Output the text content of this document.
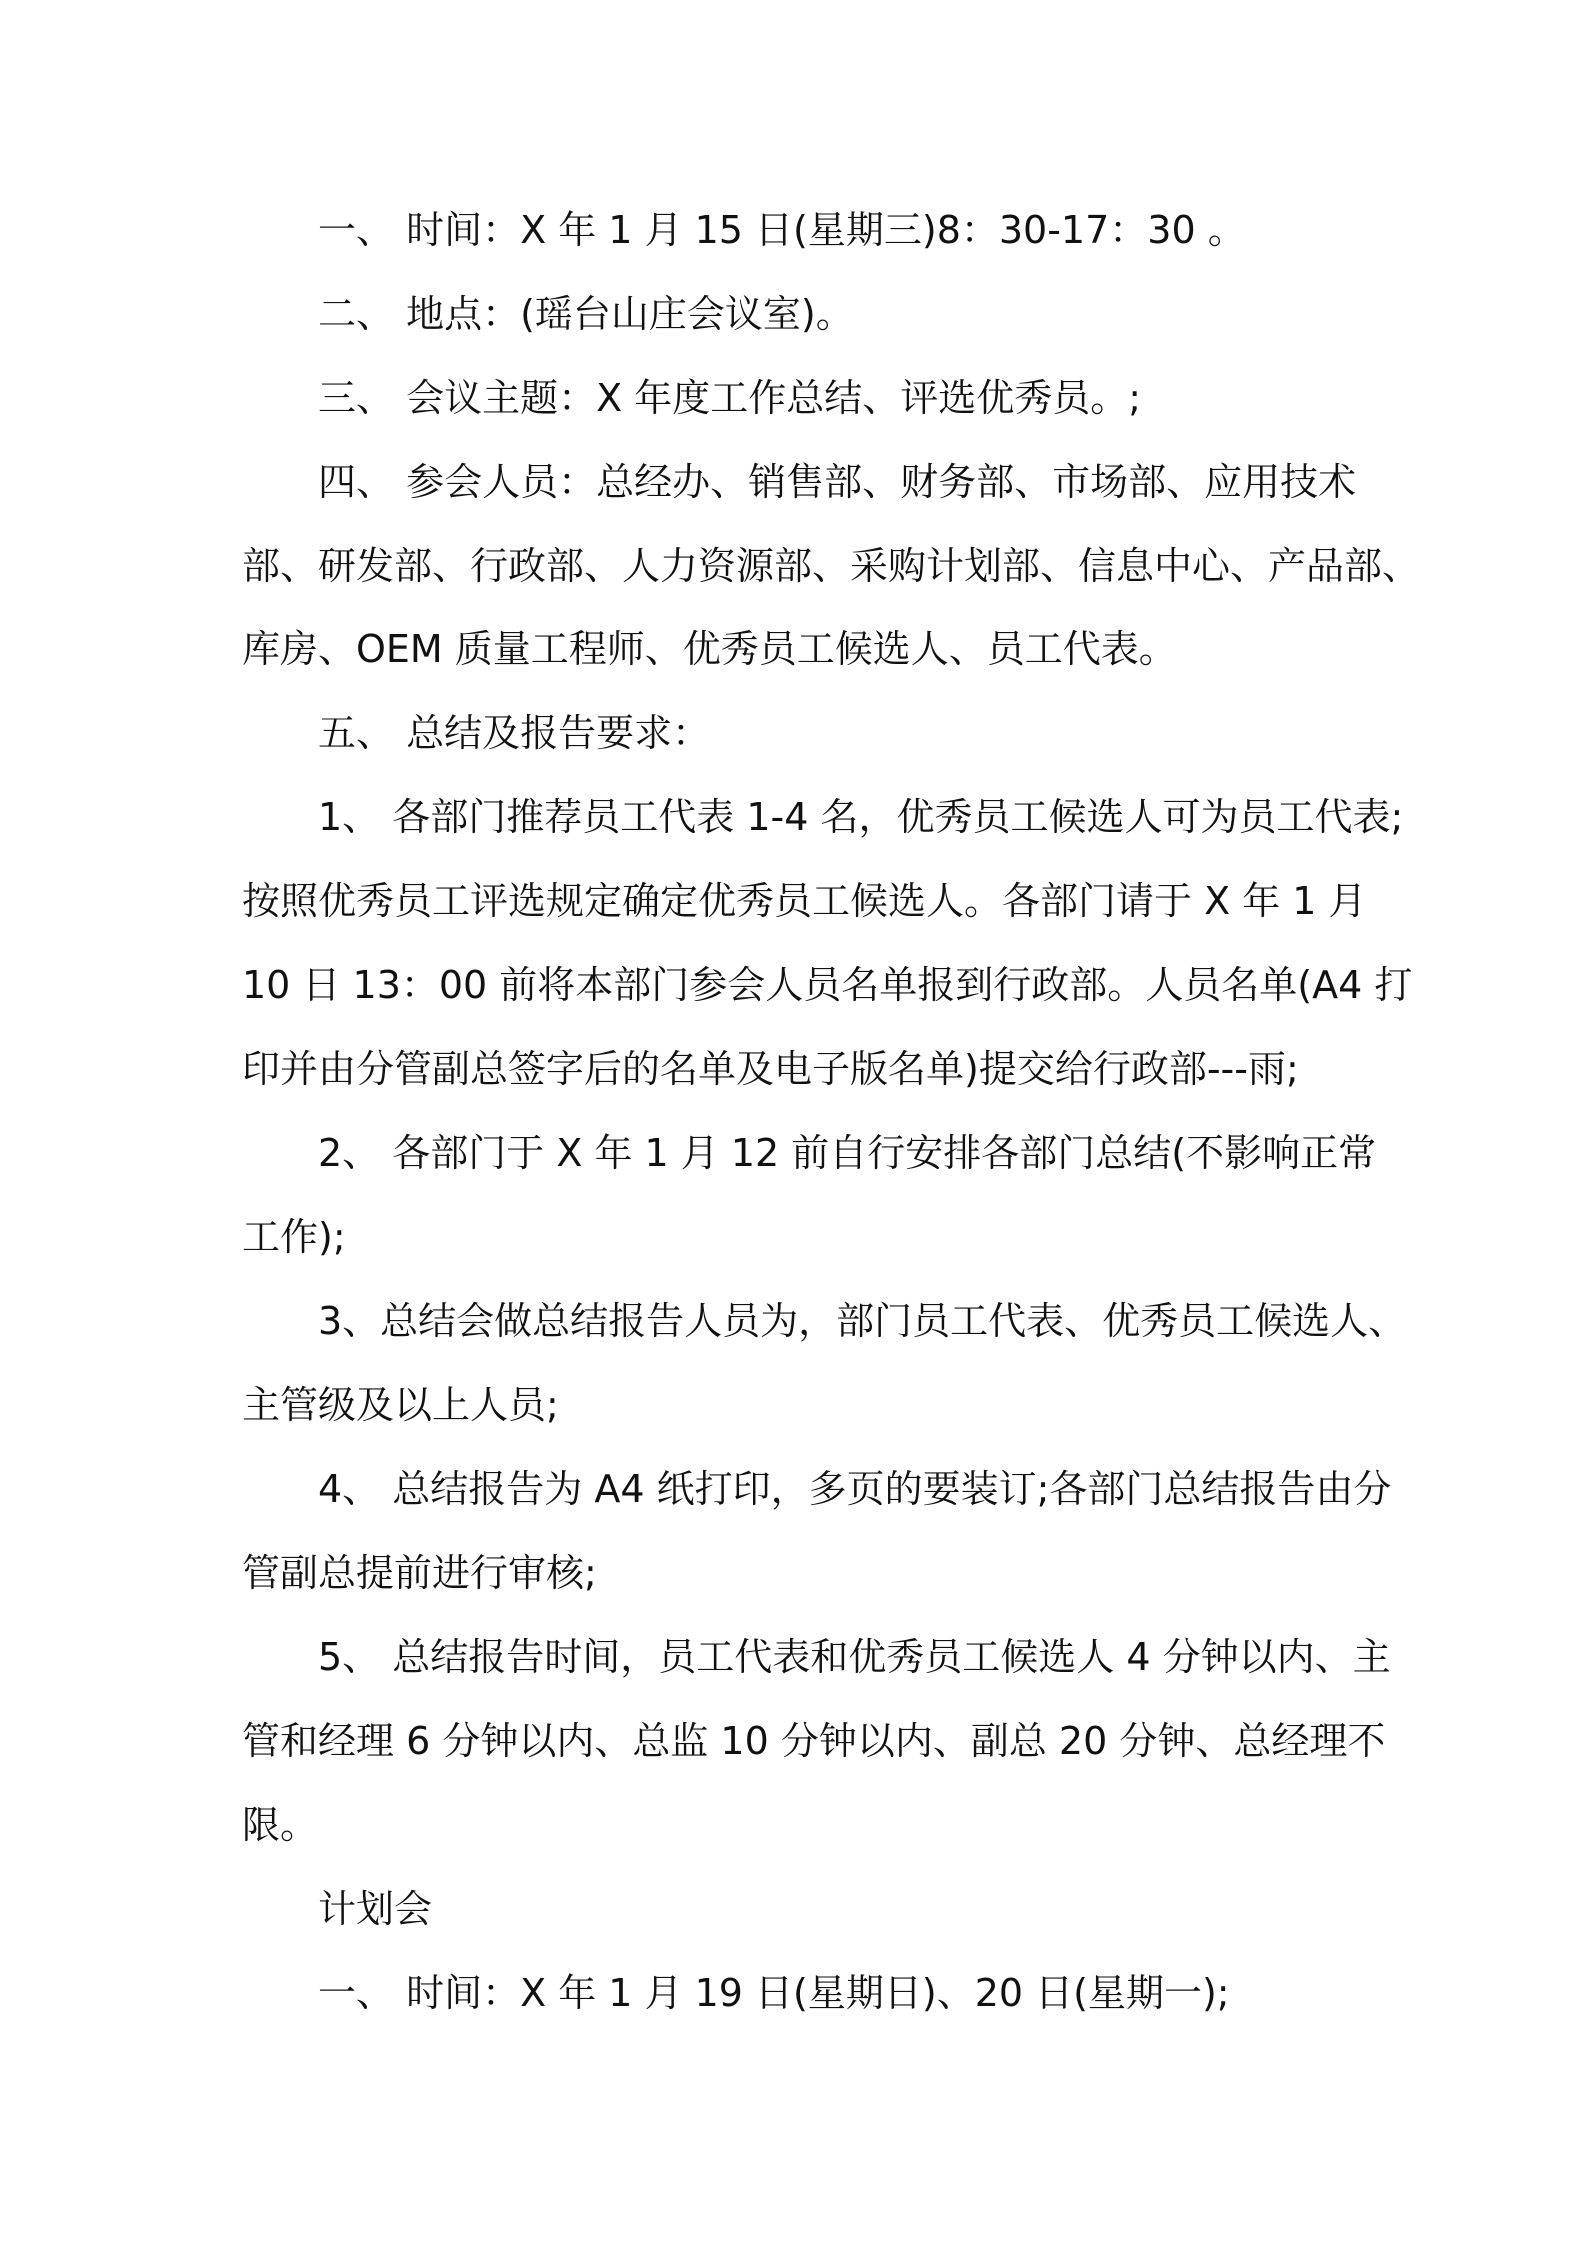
一、 时间：X 年 1 月 15 日(星期三)8：30-17：30 。
二、 地点：(瑶台山庄会议室)。
三、 会议主题：X 年度工作总结、评选优秀员。;
四、 参会人员：总经办、销售部、财务部、市场部、应用技术
部、研发部、行政部、人力资源部、采购计划部、信息中心、产品部、
库房、OEM 质量工程师、优秀员工候选人、员工代表。
五、 总结及报告要求：
1、 各部门推荐员工代表 1-4 名，优秀员工候选人可为员工代表;
按照优秀员工评选规定确定优秀员工候选人。各部门请于 X 年 1 月
10 日 13：00 前将本部门参会人员名单报到行政部。人员名单(A4 打
印并由分管副总签字后的名单及电子版名单)提交给行政部---雨;
2、 各部门于 X 年 1 月 12 前自行安排各部门总结(不影响正常
工作);
3、总结会做总结报告人员为，部门员工代表、优秀员工候选人、
主管级及以上人员;
4、 总结报告为 A4 纸打印，多页的要装订;各部门总结报告由分
管副总提前进行审核;
5、 总结报告时间，员工代表和优秀员工候选人 4 分钟以内、主
管和经理 6 分钟以内、总监 10 分钟以内、副总 20 分钟、总经理不
限。
计划会
一、 时间：X 年 1 月 19 日(星期日)、20 日(星期一);
